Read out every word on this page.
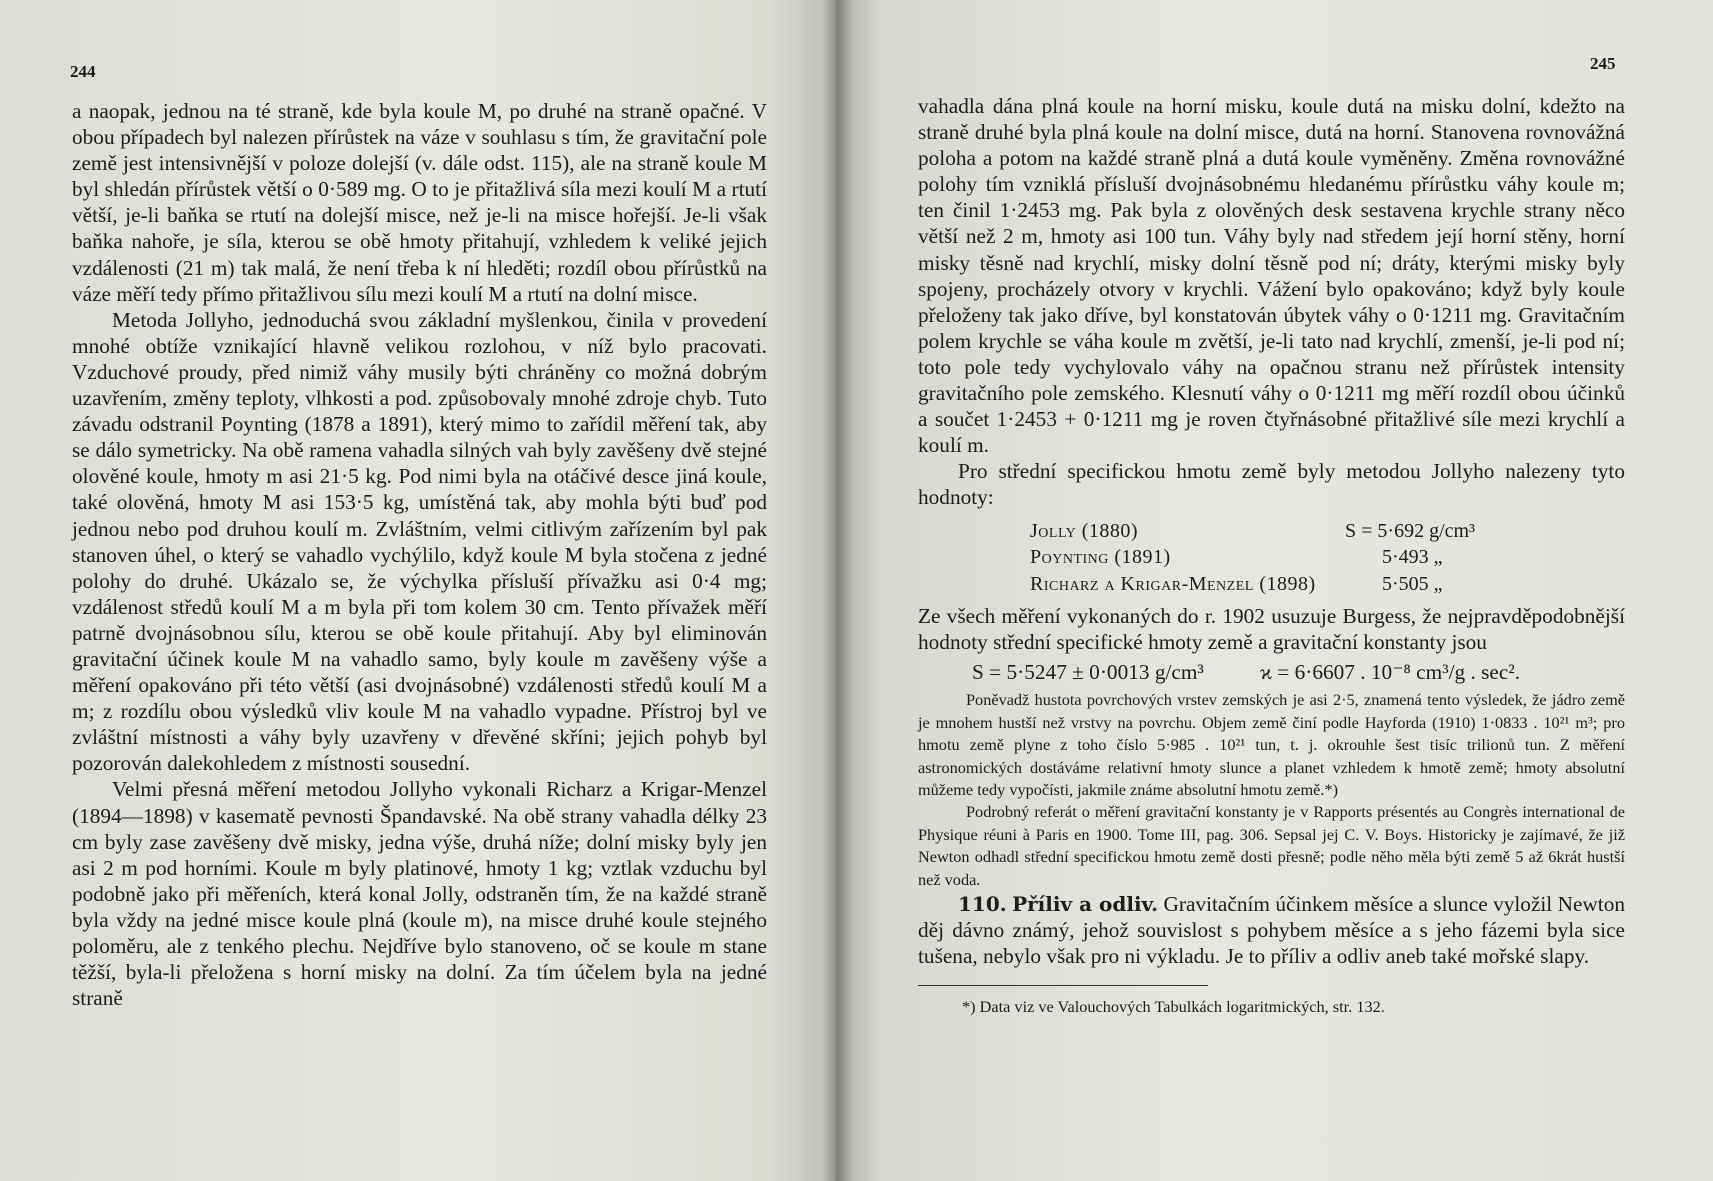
244

a naopak, jednou na té straně, kde byla koule M, po druhé na straně opačné. V obou případech byl nalezen přírůstek na váze v souhlasu s tím, že gravitační pole země jest intensivnější v poloze dolejší (v. dále odst. 115), ale na straně koule M byl shledán přírůstek větší o 0·589 mg. O to je přitažlivá síla mezi koulí M a rtutí větší, je-li baňka se rtutí na dolejší misce, než je-li na misce hořejší. Je-li však baňka nahoře, je síla, kterou se obě hmoty přitahují, vzhledem k veliké jejich vzdálenosti (21 m) tak malá, že není třeba k ní hleděti; rozdíl obou přírůstků na váze měří tedy přímo přitažlivou sílu mezi koulí M a rtutí na dolní misce.

Metoda Jollyho, jednoduchá svou základní myšlenkou, činila v provedení mnohé obtíže vznikající hlavně velikou rozlohou, v níž bylo pracovati. Vzduchové proudy, před nimiž váhy musily býti chráněny co možná dobrým uzavřením, změny teploty, vlhkosti a pod. způsobovaly mnohé zdroje chyb. Tuto závadu odstranil Poynting (1878 a 1891), který mimo to zařídil měření tak, aby se dálo symetricky. Na obě ramena vahadla silných vah byly zavěšeny dvě stejné olověné koule, hmoty m asi 21·5 kg. Pod nimi byla na otáčivé desce jiná koule, také olověná, hmoty M asi 153·5 kg, umístěná tak, aby mohla býti buď pod jednou nebo pod druhou koulí m. Zvláštním, velmi citlivým zařízením byl pak stanoven úhel, o který se vahadlo vychýlilo, když koule M byla stočena z jedné polohy do druhé. Ukázalo se, že výchylka přísluší přívažku asi 0·4 mg; vzdálenost středů koulí M a m byla při tom kolem 30 cm. Tento přívažek měří patrně dvojnásobnou sílu, kterou se obě koule přitahují. Aby byl eliminován gravitační účinek koule M na vahadlo samo, byly koule m zavěšeny výše a měření opakováno při této větší (asi dvojnásobné) vzdálenosti středů koulí M a m; z rozdílu obou výsledků vliv koule M na vahadlo vypadne. Přístroj byl ve zvláštní místnosti a váhy byly uzavřeny v dřevěné skříni; jejich pohyb byl pozorován dalekohledem z místnosti sousední.

Velmi přesná měření metodou Jollyho vykonali Richarz a Krigar-Menzel (1894—1898) v kasematě pevnosti Špandavské. Na obě strany vahadla délky 23 cm byly zase zavěšeny dvě misky, jedna výše, druhá níže; dolní misky byly jen asi 2 m pod horními. Koule m byly platinové, hmoty 1 kg; vztlak vzduchu byl podobně jako při měřeních, která konal Jolly, odstraněn tím, že na každé straně byla vždy na jedné misce koule plná (koule m), na misce druhé koule stejného poloměru, ale z tenkého plechu. Nejdříve bylo stanoveno, oč se koule m stane těžší, byla-li přeložena s horní misky na dolní. Za tím účelem byla na jedné straně

245

vahadla dána plná koule na horní misku, koule dutá na misku dolní, kdežto na straně druhé byla plná koule na dolní misce, dutá na horní. Stanovena rovnovážná poloha a potom na každé straně plná a dutá koule vyměněny. Změna rovnovážné polohy tím vzniklá přísluší dvojnásobnému hledanému přírůstku váhy koule m; ten činil 1·2453 mg. Pak byla z olověných desk sestavena krychle strany něco větší než 2 m, hmoty asi 100 tun. Váhy byly nad středem její horní stěny, horní misky těsně nad krychlí, misky dolní těsně pod ní; dráty, kterými misky byly spojeny, procházely otvory v krychli. Vážení bylo opakováno; když byly koule přeloženy tak jako dříve, byl konstatován úbytek váhy o 0·1211 mg. Gravitačním polem krychle se váha koule m zvětší, je-li tato nad krychlí, zmenší, je-li pod ní; toto pole tedy vychylovalo váhy na opačnou stranu než přírůstek intensity gravitačního pole zemského. Klesnutí váhy o 0·1211 mg měří rozdíl obou účinků a součet 1·2453 + 0·1211 mg je roven čtyřnásobné přitažlivé síle mezi krychlí a koulí m.

Pro střední specifickou hmotu země byly metodou Jollyho nalezeny tyto hodnoty:

Jolly (1880)	S = 5·692 g/cm³
Poynting (1891)	5·493 „
Richarz a Krigar-Menzel (1898)	5·505 „

Ze všech měření vykonaných do r. 1902 usuzuje Burgess, že nejpravděpodobnější hodnoty střední specifické hmoty země a gravitační konstanty jsou

S = 5·5247 ± 0·0013 g/cm³	ϰ = 6·6607 . 10⁻⁸ cm³/g . sec².

Poněvadž hustota povrchových vrstev zemských je asi 2·5, znamená tento výsledek, že jádro země je mnohem hustší než vrstvy na povrchu. Objem země činí podle Hayforda (1910) 1·0833 . 10²¹ m³; pro hmotu země plyne z toho číslo 5·985 . 10²¹ tun, t. j. okrouhle šest tisíc trilionů tun. Z měření astronomických dostáváme relativní hmoty slunce a planet vzhledem k hmotě země; hmoty absolutní můžeme tedy vypočísti, jakmile známe absolutní hmotu země.*)

Podrobný referát o měření gravitační konstanty je v Rapports présentés au Congrès international de Physique réuni à Paris en 1900. Tome III, pag. 306. Sepsal jej C. V. Boys. Historicky je zajímavé, že již Newton odhadl střední specifickou hmotu země dosti přesně; podle něho měla býti země 5 až 6krát hustší než voda.

110. Příliv a odliv. Gravitačním účinkem měsíce a slunce vyložil Newton děj dávno známý, jehož souvislost s pohybem měsíce a s jeho fázemi byla sice tušena, nebylo však pro ni výkladu. Je to příliv a odliv aneb také mořské slapy.

*) Data viz ve Valouchových Tabulkách logaritmických, str. 132.
